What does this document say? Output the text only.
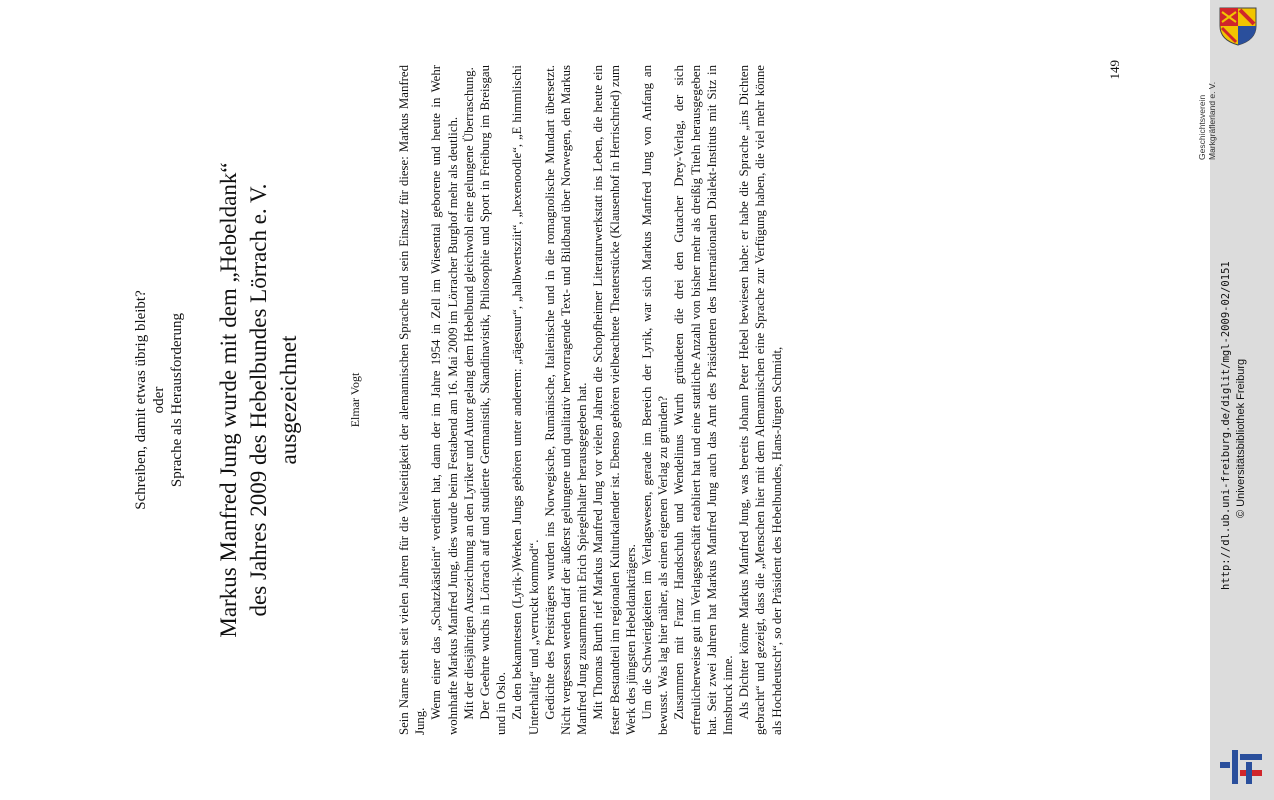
Schreiben, damit etwas übrig bleibt? oder Sprache als Herausforderung Markus Manfred Jung wurde mit dem „Hebeldank“ des Jahres 2009 des Hebelbundes Lörrach e. V. ausgezeichnet	Elmar Vogt	Sein Name steht seit vielen Jahren für die Vielseitigkeit der alemannischen Sprache und sein Einsatz für diese: Markus Manfred Jung.

Wenn einer das „Schatzkästlein“ verdient hat, dann der im Jahre 1954 in Zell im Wiesental geborene und heute in Wehr wohnhafte Markus Manfred Jung, dies wurde beim Festabend am 16. Mai 2009 im Lörracher Burghof mehr als deutlich. Mit der diesjährigen Auszeichnung an den Lyriker und Autor gelang dem Hebelbund gleichwohl eine gelungene Überraschung. Der Geehrte wuchs in Lörrach auf und studierte Germanistik, Skandinavistik, Philosophie und Sport in Freiburg im Breisgau und in Oslo. Zu den bekanntesten (Lyrik-)Werken Jungs gehören unter anderem: „rägesuur“, „halbwertsziit“, „hexenoodle“, „E himmlischi Unterhaltig“ und „verruckt kommod“. Gedichte des Preisträgers wurden ins Norwegische, Rumänische, Italienische und in die romagnolische Mundart übersetzt. Nicht vergessen werden darf der äußerst gelungene und qualitativ hervorragende Text- und Bildband über Norwegen, den Markus Manfred Jung zusammen mit Erich Spiegelhalter herausgegeben hat. Mit Thomas Burth rief Markus Manfred Jung vor vielen Jahren die Schopfheimer Literaturwerkstatt ins Leben, die heute ein fester Bestandteil im regionalen Kulturkalender ist. Ebenso gehören vielbeachtete Theaterstücke (Klausenhof in Herrischried) zum Werk des jüngsten Hebeldankträgers. Um die Schwierigkeiten im Verlagswesen, gerade im Bereich der Lyrik, war sich Markus Manfred Jung von Anfang an bewusst. Was lag hier näher, als einen eigenen Verlag zu gründen? Zusammen mit Franz Handschuh und Wendelinus Wurth gründeten die drei den Gutacher Drey-Verlag, der sich erfreulicherweise gut im Verlagsgeschäft etabliert hat und eine stattliche Anzahl von bisher mehr als dreißig Titeln herausgegeben hat. Seit zwei Jahren hat Markus Manfred Jung auch das Amt des Präsidenten des Internationalen Dialekt-Instituts mit Sitz in Innsbruck inne. Als Dichter könne Markus Manfred Jung, was bereits Johann Peter Hebel bewiesen habe: er habe die Sprache „ins Dichten gebracht“ und gezeigt, dass die „Menschen hier mit dem Alemannischen eine Sprache zur Verfügung haben, die viel mehr könne als Hochdeutsch“, so der Präsident des Hebelbundes, Hans-Jürgen Schmidt,

149
Geschichtsverein Markgräflerland e. V.
http://dl.ub.uni-freiburg.de/diglit/mgl-2009-02/0151 © Universitätsbibliothek Freiburg
